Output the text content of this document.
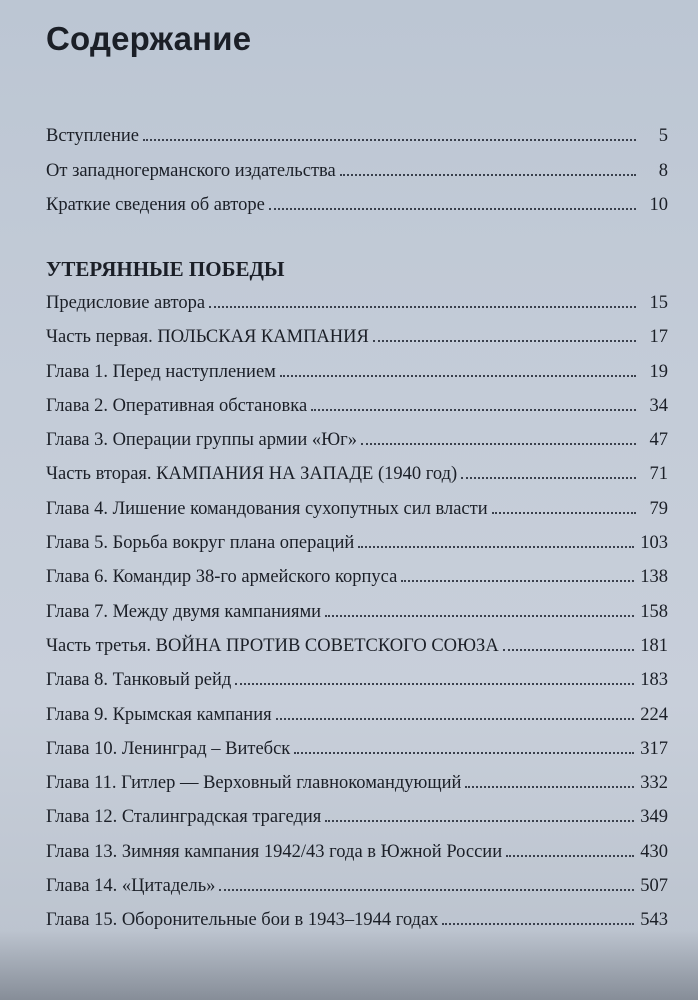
Содержание
Вступление	5
От западногерманского издательства	8
Краткие сведения об авторе	10
УТЕРЯННЫЕ ПОБЕДЫ
Предисловие автора	15
Часть первая. ПОЛЬСКАЯ КАМПАНИЯ	17
Глава 1. Перед наступлением	19
Глава 2. Оперативная обстановка	34
Глава 3. Операции группы армии «Юг»	47
Часть вторая. КАМПАНИЯ НА ЗАПАДЕ (1940 год)	71
Глава 4. Лишение командования сухопутных сил власти	79
Глава 5. Борьба вокруг плана операций	103
Глава 6. Командир 38-го армейского корпуса	138
Глава 7. Между двумя кампаниями	158
Часть третья. ВОЙНА ПРОТИВ СОВЕТСКОГО СОЮЗА	181
Глава 8. Танковый рейд	183
Глава 9. Крымская кампания	224
Глава 10. Ленинград – Витебск	317
Глава 11. Гитлер — Верховный главнокомандующий	332
Глава 12. Сталинградская трагедия	349
Глава 13. Зимняя кампания 1942/43 года в Южной России	430
Глава 14. «Цитадель»	507
Глава 15. Оборонительные бои в 1943–1944 годах	543
